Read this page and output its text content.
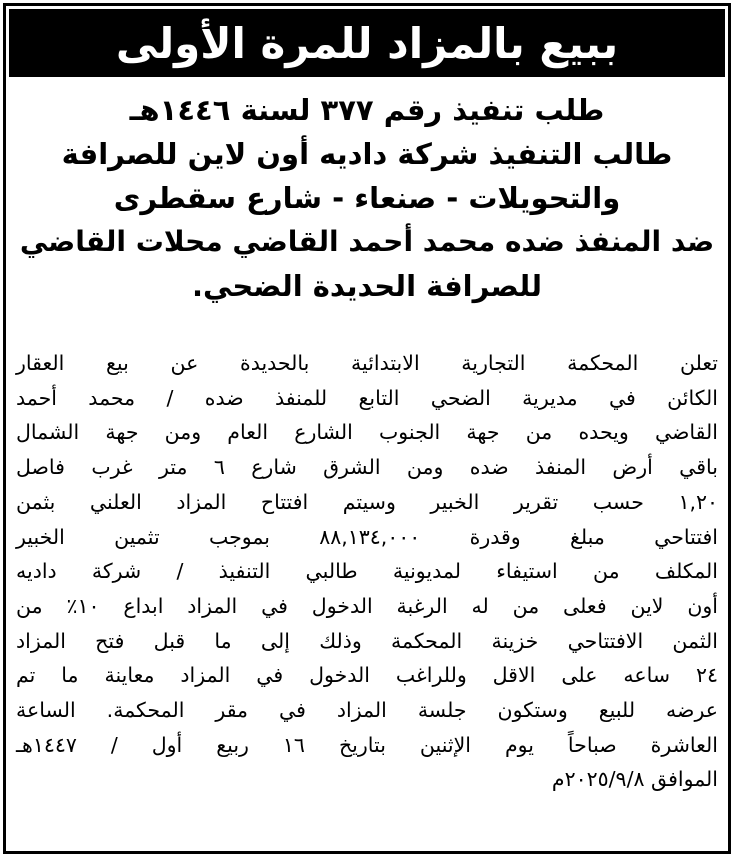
ببيع بالمزاد للمرة الأولى
طلب تنفيذ رقم ٣٧٧ لسنة ١٤٤٦هـ
طالب التنفيذ شركة داديه أون لاين للصرافة
والتحويلات - صنعاء - شارع سقطرى
ضد المنفذ ضده محمد أحمد القاضي محلات القاضي
للصرافة الحديدة الضحي.
تعلن المحكمة التجارية الابتدائية بالحديدة عن بيع العقار
الكائن في مديرية الضحي التابع للمنفذ ضده / محمد أحمد
القاضي ويحده من جهة الجنوب الشارع العام ومن جهة الشمال
باقي أرض المنفذ ضده ومن الشرق شارع ٦ متر غرب فاصل
١,٢٠ حسب تقرير الخبير وسيتم افتتاح المزاد العلني بثمن
افتتاحي مبلغ وقدرة ٨٨,١٣٤,٠٠٠ بموجب تثمين الخبير
المكلف من استيفاء لمديونية طالبي التنفيذ / شركة داديه
أون لاين فعلى من له الرغبة الدخول في المزاد ابداع ١٠٪ من
الثمن الافتتاحي خزينة المحكمة وذلك إلى ما قبل فتح المزاد
٢٤ ساعه على الاقل وللراغب الدخول في المزاد معاينة ما تم
عرضه للبيع وستكون جلسة المزاد في مقر المحكمة. الساعة
العاشرة صباحاً يوم الإثنين بتاريخ ١٦ ربيع أول / ١٤٤٧هـ
الموافق ٢٠٢٥/٩/٨م
